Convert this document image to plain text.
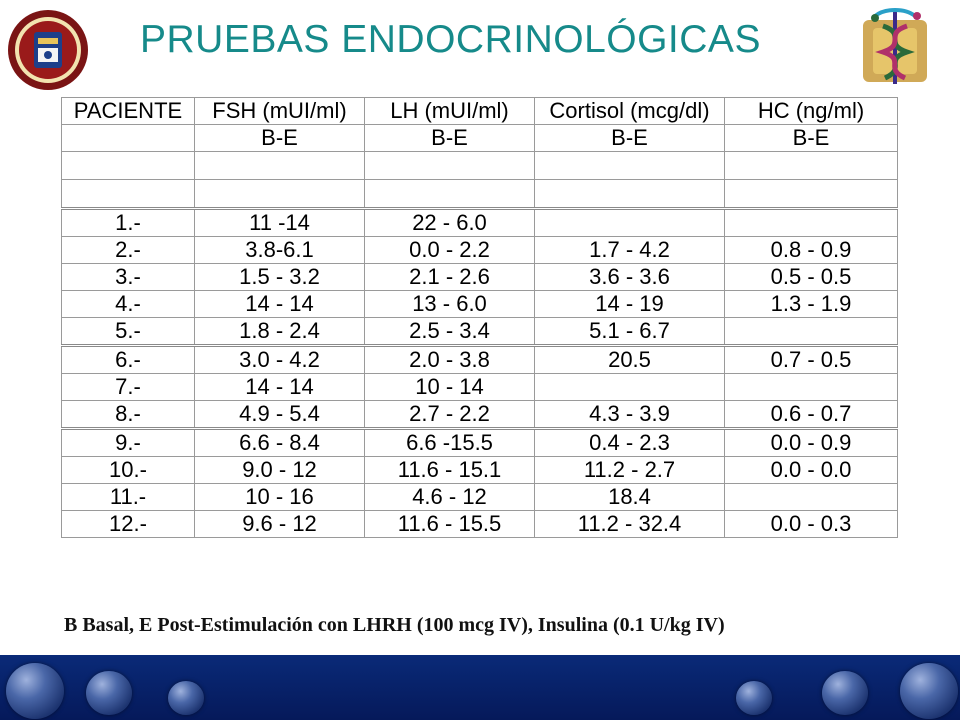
PRUEBAS ENDOCRINOLÓGICAS
PACIENTE	FSH (mUI/ml)	LH (mUI/ml)	Cortisol (mcg/dl)	HC (ng/ml)
	B-E	B-E	B-E	B-E

1.-	11 -14	22 - 6.0		
2.-	3.8-6.1	0.0 - 2.2	1.7 - 4.2	0.8 - 0.9
3.-	1.5 - 3.2	2.1 - 2.6	3.6 - 3.6	0.5 - 0.5
4.-	14 - 14	13 - 6.0	14 - 19	1.3 - 1.9
5.-	1.8 - 2.4	2.5 - 3.4	5.1 - 6.7	
6.-	3.0 - 4.2	2.0 - 3.8	20.5	0.7 - 0.5
7.-	14 - 14	10 - 14		
8.-	4.9 - 5.4	2.7 - 2.2	4.3 - 3.9	0.6 - 0.7
9.-	6.6 - 8.4	6.6 -15.5	0.4 - 2.3	0.0 - 0.9
10.-	9.0 - 12	11.6 - 15.1	11.2 - 2.7	0.0 - 0.0
11.-	10 - 16	4.6 - 12	18.4	
12.-	9.6 - 12	11.6 - 15.5	11.2 - 32.4	0.0 - 0.3
B Basal, E Post-Estimulación con LHRH (100 mcg IV), Insulina (0.1 U/kg IV)
